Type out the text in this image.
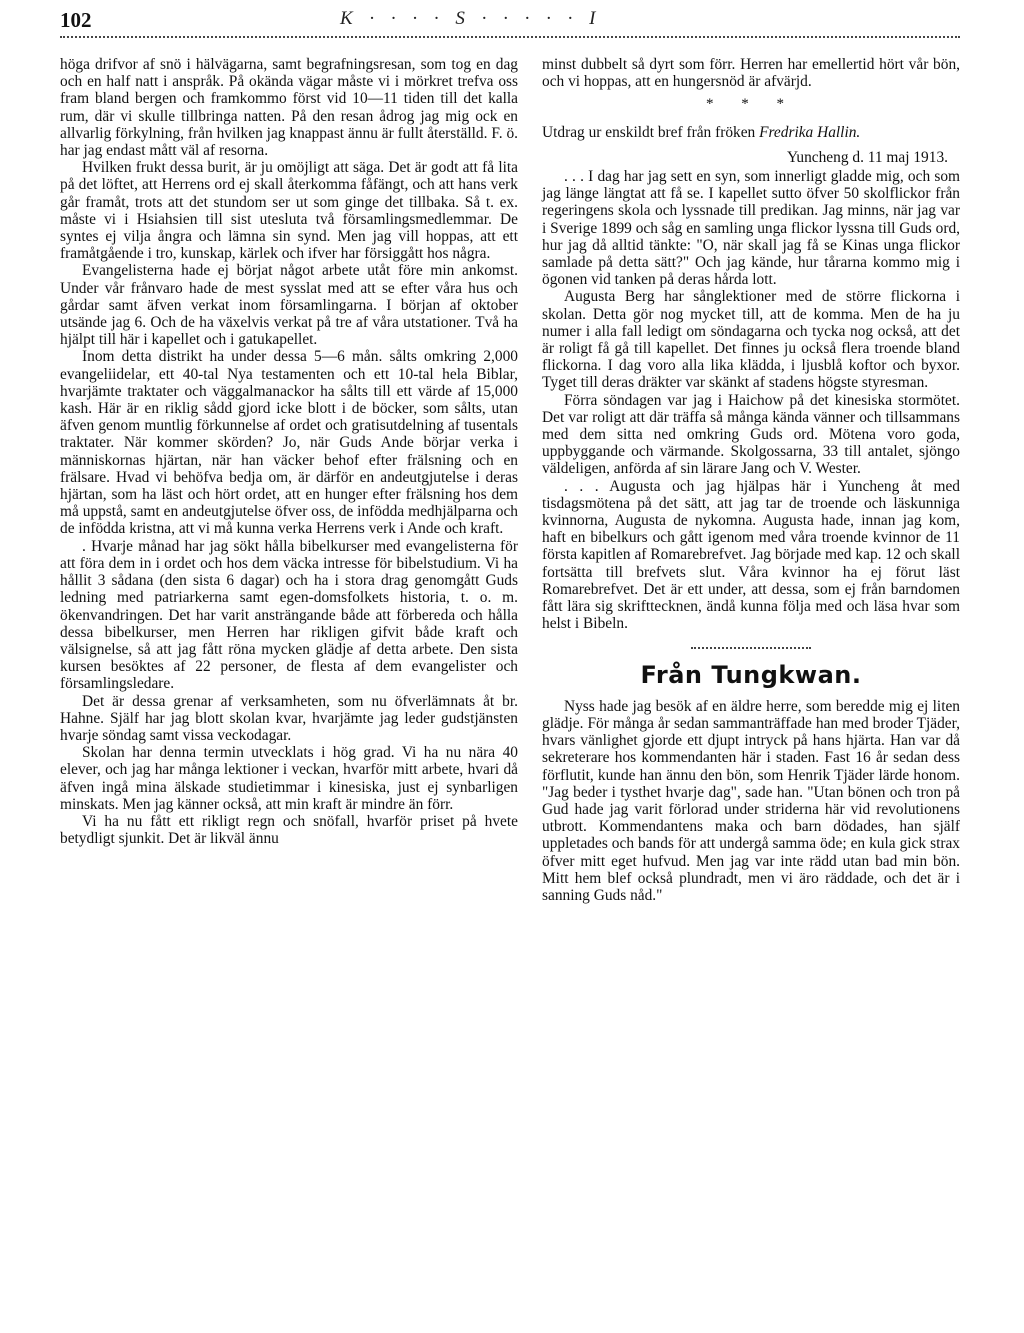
102	K · · · · S · · · · · I

höga drifvor af snö i hälvägarna, samt begrafningsresan, som tog en dag och en half natt i anspråk. På okända vägar måste vi i mörkret trefva oss fram bland bergen och framkommo först vid 10—11 tiden till det kalla rum, där vi skulle tillbringa natten. På den resan ådrog jag mig ock en allvarlig förkylning, från hvilken jag knappast ännu är fullt återställd. F. ö. har jag endast mått väl af resorna.

Hvilken frukt dessa burit, är ju omöjligt att säga. Det är godt att få lita på det löftet, att Herrens ord ej skall återkomma fåfängt, och att hans verk går framåt, trots att det stundom ser ut som ginge det tillbaka. Så t. ex. måste vi i Hsiahsien till sist utesluta två församlingsmedlemmar. De syntes ej vilja ångra och lämna sin synd. Men jag vill hoppas, att ett framåtgående i tro, kunskap, kärlek och ifver har försiggått hos några.

Evangelisterna hade ej börjat något arbete utåt före min ankomst. Under vår frånvaro hade de mest sysslat med att se efter våra hus och gårdar samt äfven verkat inom församlingarna. I början af oktober utsände jag 6. Och de ha växelvis verkat på tre af våra utstationer. Två ha hjälpt till här i kapellet och i gatukapellet.

Inom detta distrikt ha under dessa 5—6 mån. sålts omkring 2,000 evangeliidelar, ett 40-tal Nya testamenten och ett 10-tal hela Biblar, hvarjämte traktater och väggalmanackor ha sålts till ett värde af 15,000 kash. Här är en riklig sådd gjord icke blott i de böcker, som sålts, utan äfven genom muntlig förkunnelse af ordet och gratisutdelning af tusentals traktater. När kommer skörden? Jo, när Guds Ande börjar verka i människornas hjärtan, när han väcker behof efter frälsning och en frälsare. Hvad vi behöfva bedja om, är därför en andeutgjutelse i deras hjärtan, som ha läst och hört ordet, att en hunger efter frälsning hos dem må uppstå, samt en andeutgjutelse öfver oss, de infödda medhjälparna och de infödda kristna, att vi må kunna verka Herrens verk i Ande och kraft.

. Hvarje månad har jag sökt hålla bibelkurser med evangelisterna för att föra dem in i ordet och hos dem väcka intresse för bibelstudium. Vi ha hållit 3 sådana (den sista 6 dagar) och ha i stora drag genomgått Guds ledning med patriarkerna samt egen-domsfolkets historia, t. o. m. ökenvandringen. Det har varit ansträngande både att förbereda och hålla dessa bibelkurser, men Herren har rikligen gifvit både kraft och välsignelse, så att jag fått röna mycken glädje af detta arbete. Den sista kursen besöktes af 22 personer, de flesta af dem evangelister och församlingsledare.

Det är dessa grenar af verksamheten, som nu öfverlämnats åt br. Hahne. Själf har jag blott skolan kvar, hvarjämte jag leder gudstjänsten hvarje söndag samt vissa veckodagar.

Skolan har denna termin utvecklats i hög grad. Vi ha nu nära 40 elever, och jag har många lektioner i veckan, hvarför mitt arbete, hvari då äfven ingå mina älskade studietimmar i kinesiska, just ej synbarligen minskats. Men jag känner också, att min kraft är mindre än förr.

Vi ha nu fått ett rikligt regn och snöfall, hvarför priset på hvete betydligt sjunkit. Det är likväl ännu

minst dubbelt så dyrt som förr. Herren har emellertid hört vår bön, och vi hoppas, att en hungersnöd är afvärjd.

* * *

Utdrag ur enskildt bref från fröken Fredrika Hallin.

Yuncheng d. 11 maj 1913.

. . . I dag har jag sett en syn, som innerligt gladde mig, och som jag länge längtat att få se. I kapellet sutto öfver 50 skolflickor från regeringens skola och lyssnade till predikan. Jag minns, när jag var i Sverige 1899 och såg en samling unga flickor lyssna till Guds ord, hur jag då alltid tänkte: "O, när skall jag få se Kinas unga flickor samlade på detta sätt?" Och jag kände, hur tårarna kommo mig i ögonen vid tanken på deras hårda lott.

Augusta Berg har sånglektioner med de större flickorna i skolan. Detta gör nog mycket till, att de komma. Men de ha ju numer i alla fall ledigt om söndagarna och tycka nog också, att det är roligt få gå till kapellet. Det finnes ju också flera troende bland flickorna. I dag voro alla lika klädda, i ljusblå koftor och byxor. Tyget till deras dräkter var skänkt af stadens högste styresman.

Förra söndagen var jag i Haichow på det kinesiska stormötet. Det var roligt att där träffa så många kända vänner och tillsammans med dem sitta ned omkring Guds ord. Mötena voro goda, uppbyggande och värmande. Skolgossarna, 33 till antalet, sjöngo väldeligen, anförda af sin lärare Jang och V. Wester.

. . . Augusta och jag hjälpas här i Yuncheng åt med tisdagsmötena på det sätt, att jag tar de troende och läskunniga kvinnorna, Augusta de nykomna. Augusta hade, innan jag kom, haft en bibelkurs och gått igenom med våra troende kvinnor de 11 första kapitlen af Romarebrefvet. Jag började med kap. 12 och skall fortsätta till brefvets slut. Våra kvinnor ha ej förut läst Romarebrefvet. Det är ett under, att dessa, som ej från barndomen fått lära sig skrifttecknen, ändå kunna följa med och läsa hvar som helst i Bibeln.

Från Tungkwan.

Nyss hade jag besök af en äldre herre, som beredde mig ej liten glädje. För många år sedan sammanträffade han med broder Tjäder, hvars vänlighet gjorde ett djupt intryck på hans hjärta. Han var då sekreterare hos kommendanten här i staden. Fast 16 år sedan dess förflutit, kunde han ännu den bön, som Henrik Tjäder lärde honom. "Jag beder i tysthet hvarje dag", sade han. "Utan bönen och tron på Gud hade jag varit förlorad under striderna här vid revolutionens utbrott. Kommendantens maka och barn dödades, han själf uppletades och bands för att undergå samma öde; en kula gick strax öfver mitt eget hufvud. Men jag var inte rädd utan bad min bön. Mitt hem blef också plundradt, men vi äro räddade, och det är i sanning Guds nåd."
